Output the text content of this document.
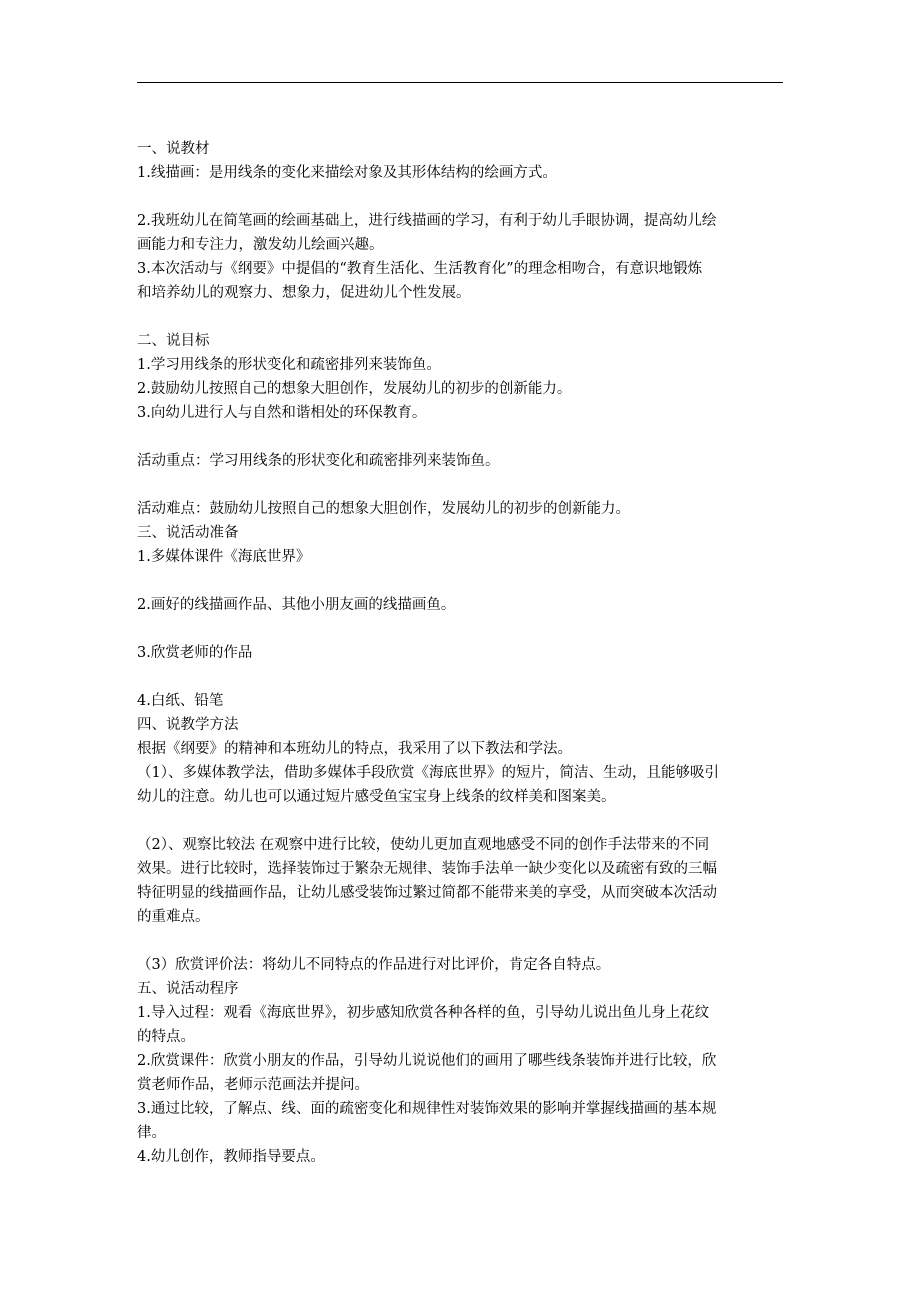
一、说教材
1.线描画：是用线条的变化来描绘对象及其形体结构的绘画方式。
2.我班幼儿在简笔画的绘画基础上，进行线描画的学习，有利于幼儿手眼协调，提高幼儿绘
画能力和专注力，激发幼儿绘画兴趣。
3.本次活动与《纲要》中提倡的“教育生活化、生活教育化”的理念相吻合，有意识地锻炼
和培养幼儿的观察力、想象力，促进幼儿个性发展。
二、说目标
1.学习用线条的形状变化和疏密排列来装饰鱼。
2.鼓励幼儿按照自己的想象大胆创作，发展幼儿的初步的创新能力。
3.向幼儿进行人与自然和谐相处的环保教育。
活动重点：学习用线条的形状变化和疏密排列来装饰鱼。
活动难点：鼓励幼儿按照自己的想象大胆创作，发展幼儿的初步的创新能力。
三、说活动准备
1.多媒体课件《海底世界》
2.画好的线描画作品、其他小朋友画的线描画鱼。
3.欣赏老师的作品
4.白纸、铅笔
四、说教学方法
根据《纲要》的精神和本班幼儿的特点，我采用了以下教法和学法。
（1）、多媒体教学法，借助多媒体手段欣赏《海底世界》的短片，简洁、生动，且能够吸引
幼儿的注意。幼儿也可以通过短片感受鱼宝宝身上线条的纹样美和图案美。
（2）、观察比较法 在观察中进行比较，使幼儿更加直观地感受不同的创作手法带来的不同
效果。进行比较时，选择装饰过于繁杂无规律、装饰手法单一缺少变化以及疏密有致的三幅
特征明显的线描画作品，让幼儿感受装饰过繁过简都不能带来美的享受，从而突破本次活动
的重难点。
（3）欣赏评价法：将幼儿不同特点的作品进行对比评价，肯定各自特点。
五、说活动程序
1.导入过程：观看《海底世界》，初步感知欣赏各种各样的鱼，引导幼儿说出鱼儿身上花纹
的特点。
2.欣赏课件：欣赏小朋友的作品，引导幼儿说说他们的画用了哪些线条装饰并进行比较，欣
赏老师作品，老师示范画法并提问。
3.通过比较，了解点、线、面的疏密变化和规律性对装饰效果的影响并掌握线描画的基本规
律。
4.幼儿创作，教师指导要点。
